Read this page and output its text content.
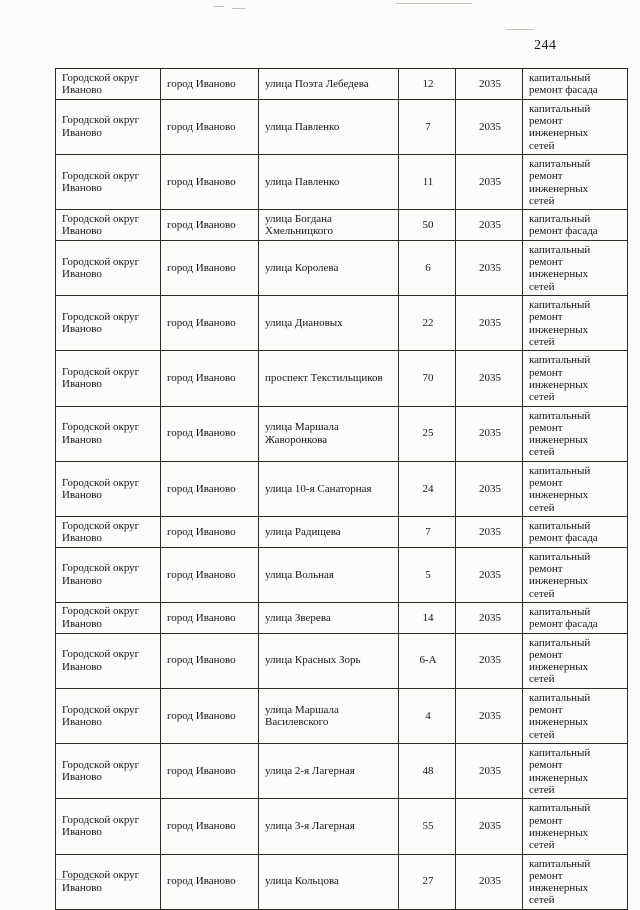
244
Городской округ Иваново	город Иваново	улица Поэта Лебедева	12	2035	капитальный ремонт фасада
Городской округ Иваново	город Иваново	улица Павленко	7	2035	капитальный ремонт инженерных сетей
Городской округ Иваново	город Иваново	улица Павленко	11	2035	капитальный ремонт инженерных сетей
Городской округ Иваново	город Иваново	улица Богдана Хмельницкого	50	2035	капитальный ремонт фасада
Городской округ Иваново	город Иваново	улица Королева	6	2035	капитальный ремонт инженерных сетей
Городской округ Иваново	город Иваново	улица Диановых	22	2035	капитальный ремонт инженерных сетей
Городской округ Иваново	город Иваново	проспект Текстильщиков	70	2035	капитальный ремонт инженерных сетей
Городской округ Иваново	город Иваново	улица Маршала Жаворонкова	25	2035	капитальный ремонт инженерных сетей
Городской округ Иваново	город Иваново	улица 10-я Санаторная	24	2035	капитальный ремонт инженерных сетей
Городской округ Иваново	город Иваново	улица Радищева	7	2035	капитальный ремонт фасада
Городской округ Иваново	город Иваново	улица Вольная	5	2035	капитальный ремонт инженерных сетей
Городской округ Иваново	город Иваново	улица Зверева	14	2035	капитальный ремонт фасада
Городской округ Иваново	город Иваново	улица Красных Зорь	6-А	2035	капитальный ремонт инженерных сетей
Городской округ Иваново	город Иваново	улица Маршала Василевского	4	2035	капитальный ремонт инженерных сетей
Городской округ Иваново	город Иваново	улица 2-я Лагерная	48	2035	капитальный ремонт инженерных сетей
Городской округ Иваново	город Иваново	улица 3-я Лагерная	55	2035	капитальный ремонт инженерных сетей
Городской округ Иваново	город Иваново	улица Кольцова	27	2035	капитальный ремонт инженерных сетей
